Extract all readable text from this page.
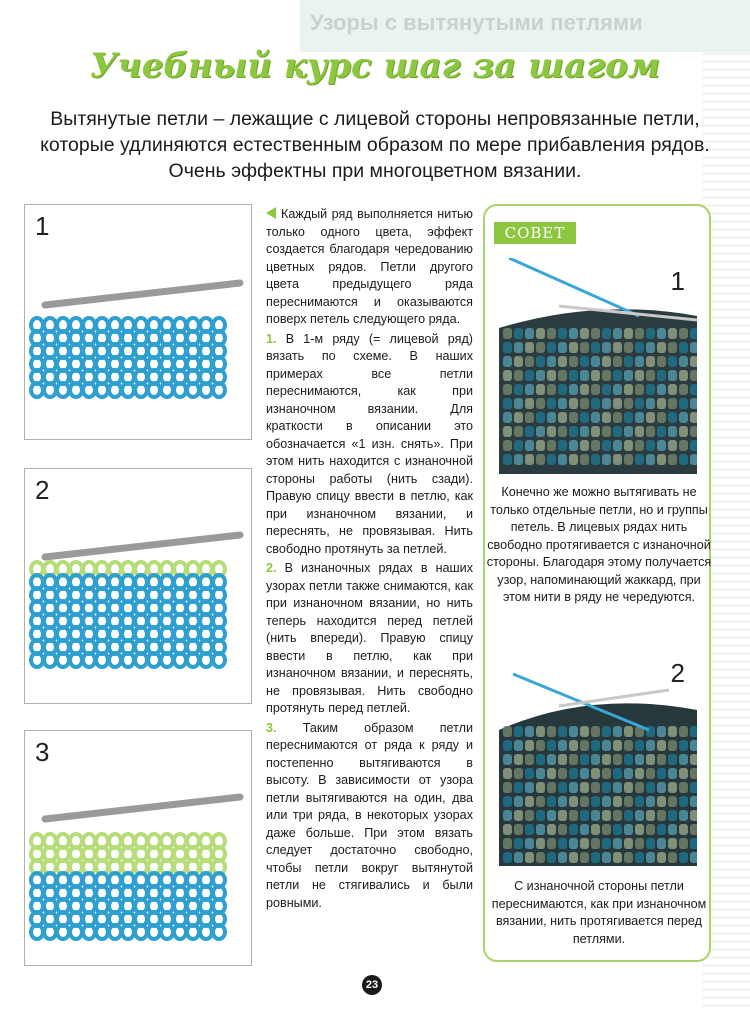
Узоры с вытянутыми петлями
Учебный курс шаг за шагом
Вытянутые петли – лежащие с лицевой стороны непровязанные петли, которые удлиняются естественным образом по мере прибавления рядов. Очень эффектны при многоцветном вязании.
1
2
3

Каждый ряд выполняется нитью только одного цвета, эффект создается благодаря чередованию цветных рядов. Петли другого цвета предыдущего ряда переснимаются и оказываются поверх петель следующего ряда.

1. В 1-м ряду (= лицевой ряд) вязать по схеме. В наших примерах все петли переснимаются, как при изнаночном вязании. Для краткости в описании это обозначается «1 изн. снять». При этом нить находится с изнаночной стороны работы (нить сзади). Правую спицу ввести в петлю, как при изнаночном вязании, и переснять, не провязывая. Нить свободно протянуть за петлей.

2. В изнаночных рядах в наших узорах петли также снимаются, как при изнаночном вязании, но нить теперь находится перед петлей (нить впереди). Правую спицу ввести в петлю, как при изнаночном вязании, и переснять, не провязывая. Нить свободно протянуть перед петлей.

3. Таким образом петли переснимаются от ряда к ряду и постепенно вытягиваются в высоту. В зависимости от узора петли вытягиваются на один, два или три ряда, в некоторых узорах даже больше. При этом вязать следует достаточно свободно, чтобы петли вокруг вытянутой петли не стягивались и были ровными.

СОВЕТ
1
Конечно же можно вытягивать не только отдельные петли, но и группы петель. В лицевых рядах нить свободно протягивается с изнаночной стороны. Благодаря этому получается узор, напоминающий жаккард, при этом нити в ряду не чередуются.
2
С изнаночной стороны петли переснимаются, как при изнаночном вязании, нить протягивается перед петлями.
23
